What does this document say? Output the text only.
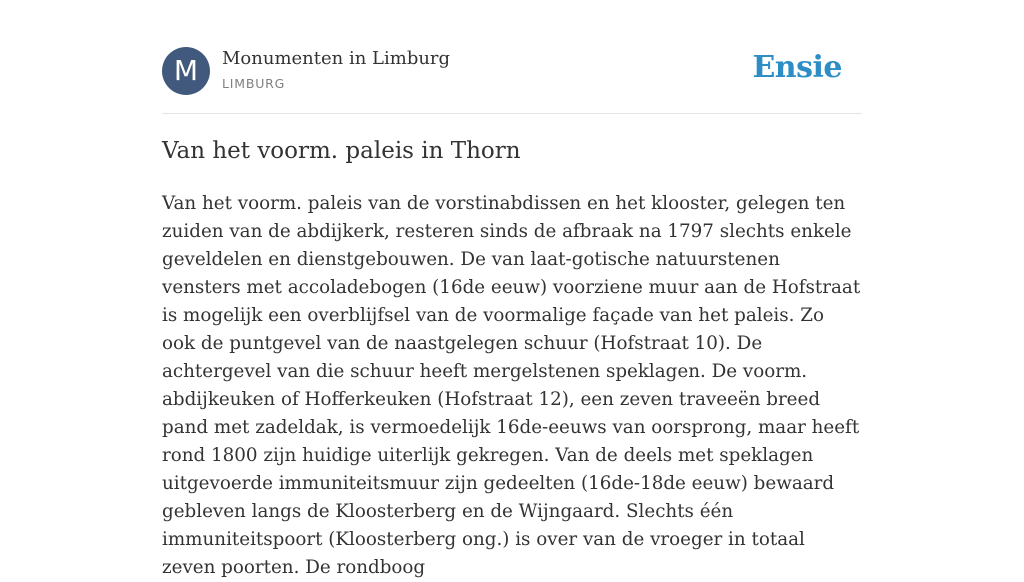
M	Monumenten in Limburg
LIMBURG	Ensie
Van het voorm. paleis in Thorn

Van het voorm. paleis van de vorstinabdissen en het klooster, gelegen ten zuiden van de abdijkerk, resteren sinds de afbraak na 1797 slechts enkele geveldelen en dienstgebouwen. De van laat-gotische natuurstenen vensters met accoladebogen (16de eeuw) voorziene muur aan de Hofstraat is mogelijk een overblijfsel van de voormalige façade van het paleis. Zo ook de puntgevel van de naastgelegen schuur (Hofstraat 10). De achtergevel van die schuur heeft mergelstenen speklagen. De voorm. abdijkeuken of Hofferkeuken (Hofstraat 12), een zeven traveeën breed pand met zadeldak, is vermoedelijk 16de-eeuws van oorsprong, maar heeft rond 1800 zijn huidige uiterlijk gekregen. Van de deels met speklagen uitgevoerde immuniteitsmuur zijn gedeelten (16de-18de eeuw) bewaard gebleven langs de Kloosterberg en de Wijngaard. Slechts één immuniteitspoort (Kloosterberg ong.) is over van de vroeger in totaal zeven poorten. De rondboog
